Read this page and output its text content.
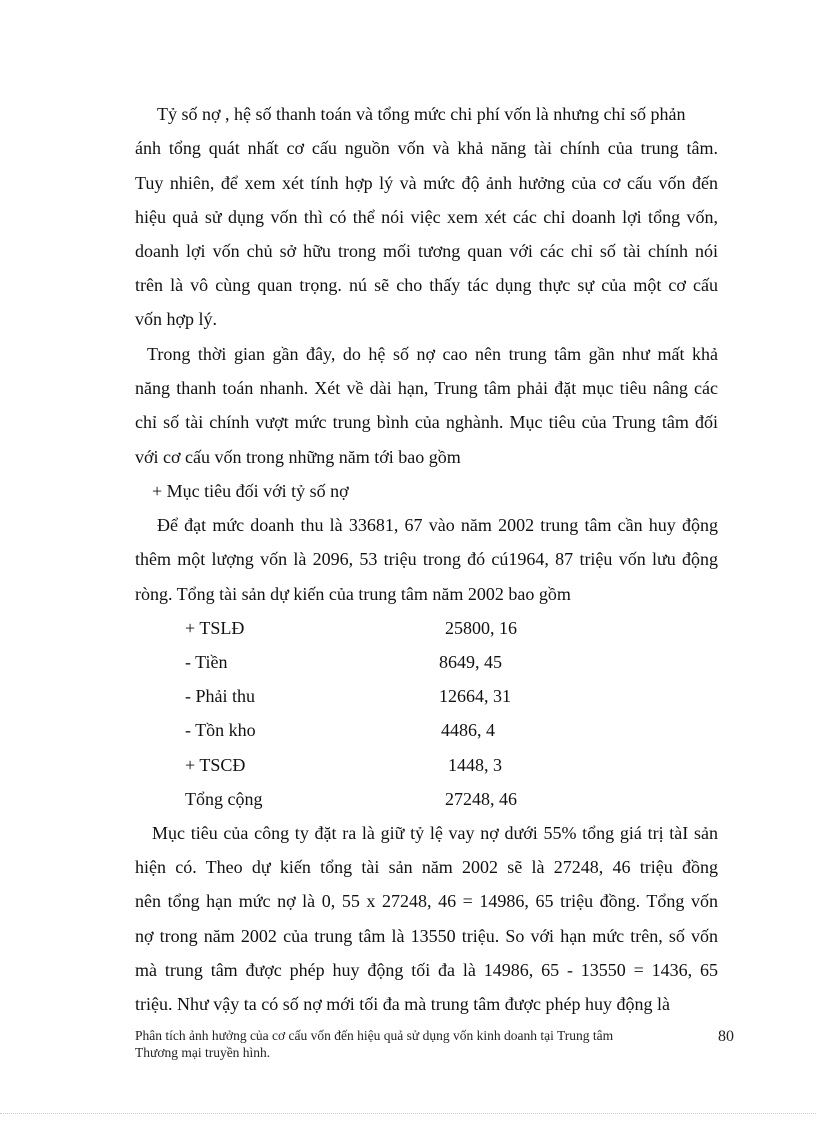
Tỷ số nợ , hệ số thanh toán và tổng mức chi phí vốn là nhưng chỉ số phản
ánh tổng quát nhất cơ cấu nguồn vốn và khả năng tài chính của trung tâm.
Tuy nhiên, để xem xét tính hợp lý và mức độ ảnh hưởng của cơ cấu vốn đến
hiệu quả sử dụng vốn thì có thể nói việc xem xét các chỉ doanh lợi tổng vốn,
doanh lợi vốn chủ sở hữu trong mối tương quan với các chỉ số tài chính nói
trên là vô cùng quan trọng. nú sẽ cho thấy tác dụng thực sự của một cơ cấu
vốn hợp lý.
Trong thời gian gần đây, do hệ số nợ cao nên trung tâm gần như mất khả
năng thanh toán nhanh. Xét về dài hạn, Trung tâm phải đặt mục tiêu nâng các
chỉ số tài chính vượt mức trung bình của nghành. Mục tiêu của Trung tâm đối
với cơ cấu vốn trong những năm tới bao gồm
+ Mục tiêu đối với tỷ số nợ
Để đạt mức doanh thu là 33681, 67 vào năm 2002 trung tâm cần huy động
thêm một lượng vốn là 2096, 53 triệu trong đó cú1964, 87 triệu vốn lưu động
ròng. Tổng tài sản dự kiến của trung tâm năm 2002 bao gồm
+ TSLĐ	25800, 16
- Tiền	8649, 45
- Phải thu	12664, 31
- Tồn kho	4486, 4
+ TSCĐ	1448, 3
Tổng cộng	27248, 46
Mục tiêu của công ty đặt ra là giữ tỷ lệ vay nợ dưới 55% tổng giá trị tàI sản
hiện có. Theo dự kiến tổng tài sản năm 2002 sẽ là 27248, 46 triệu đồng
nên tổng hạn mức nợ là 0, 55 x 27248, 46 = 14986, 65 triệu đồng. Tổng vốn
nợ trong năm 2002 của trung tâm là 13550 triệu. So với hạn mức trên, số vốn
mà trung tâm được phép huy động tối đa là 14986, 65 - 13550 = 1436, 65
triệu. Như vậy ta có số nợ mới tối đa mà trung tâm được phép huy động là
Phân tích ảnh hưởng của cơ cấu vốn đến hiệu quả sử dụng vốn kinh doanh tại Trung tâm
Thương mại truyền hình.
80
